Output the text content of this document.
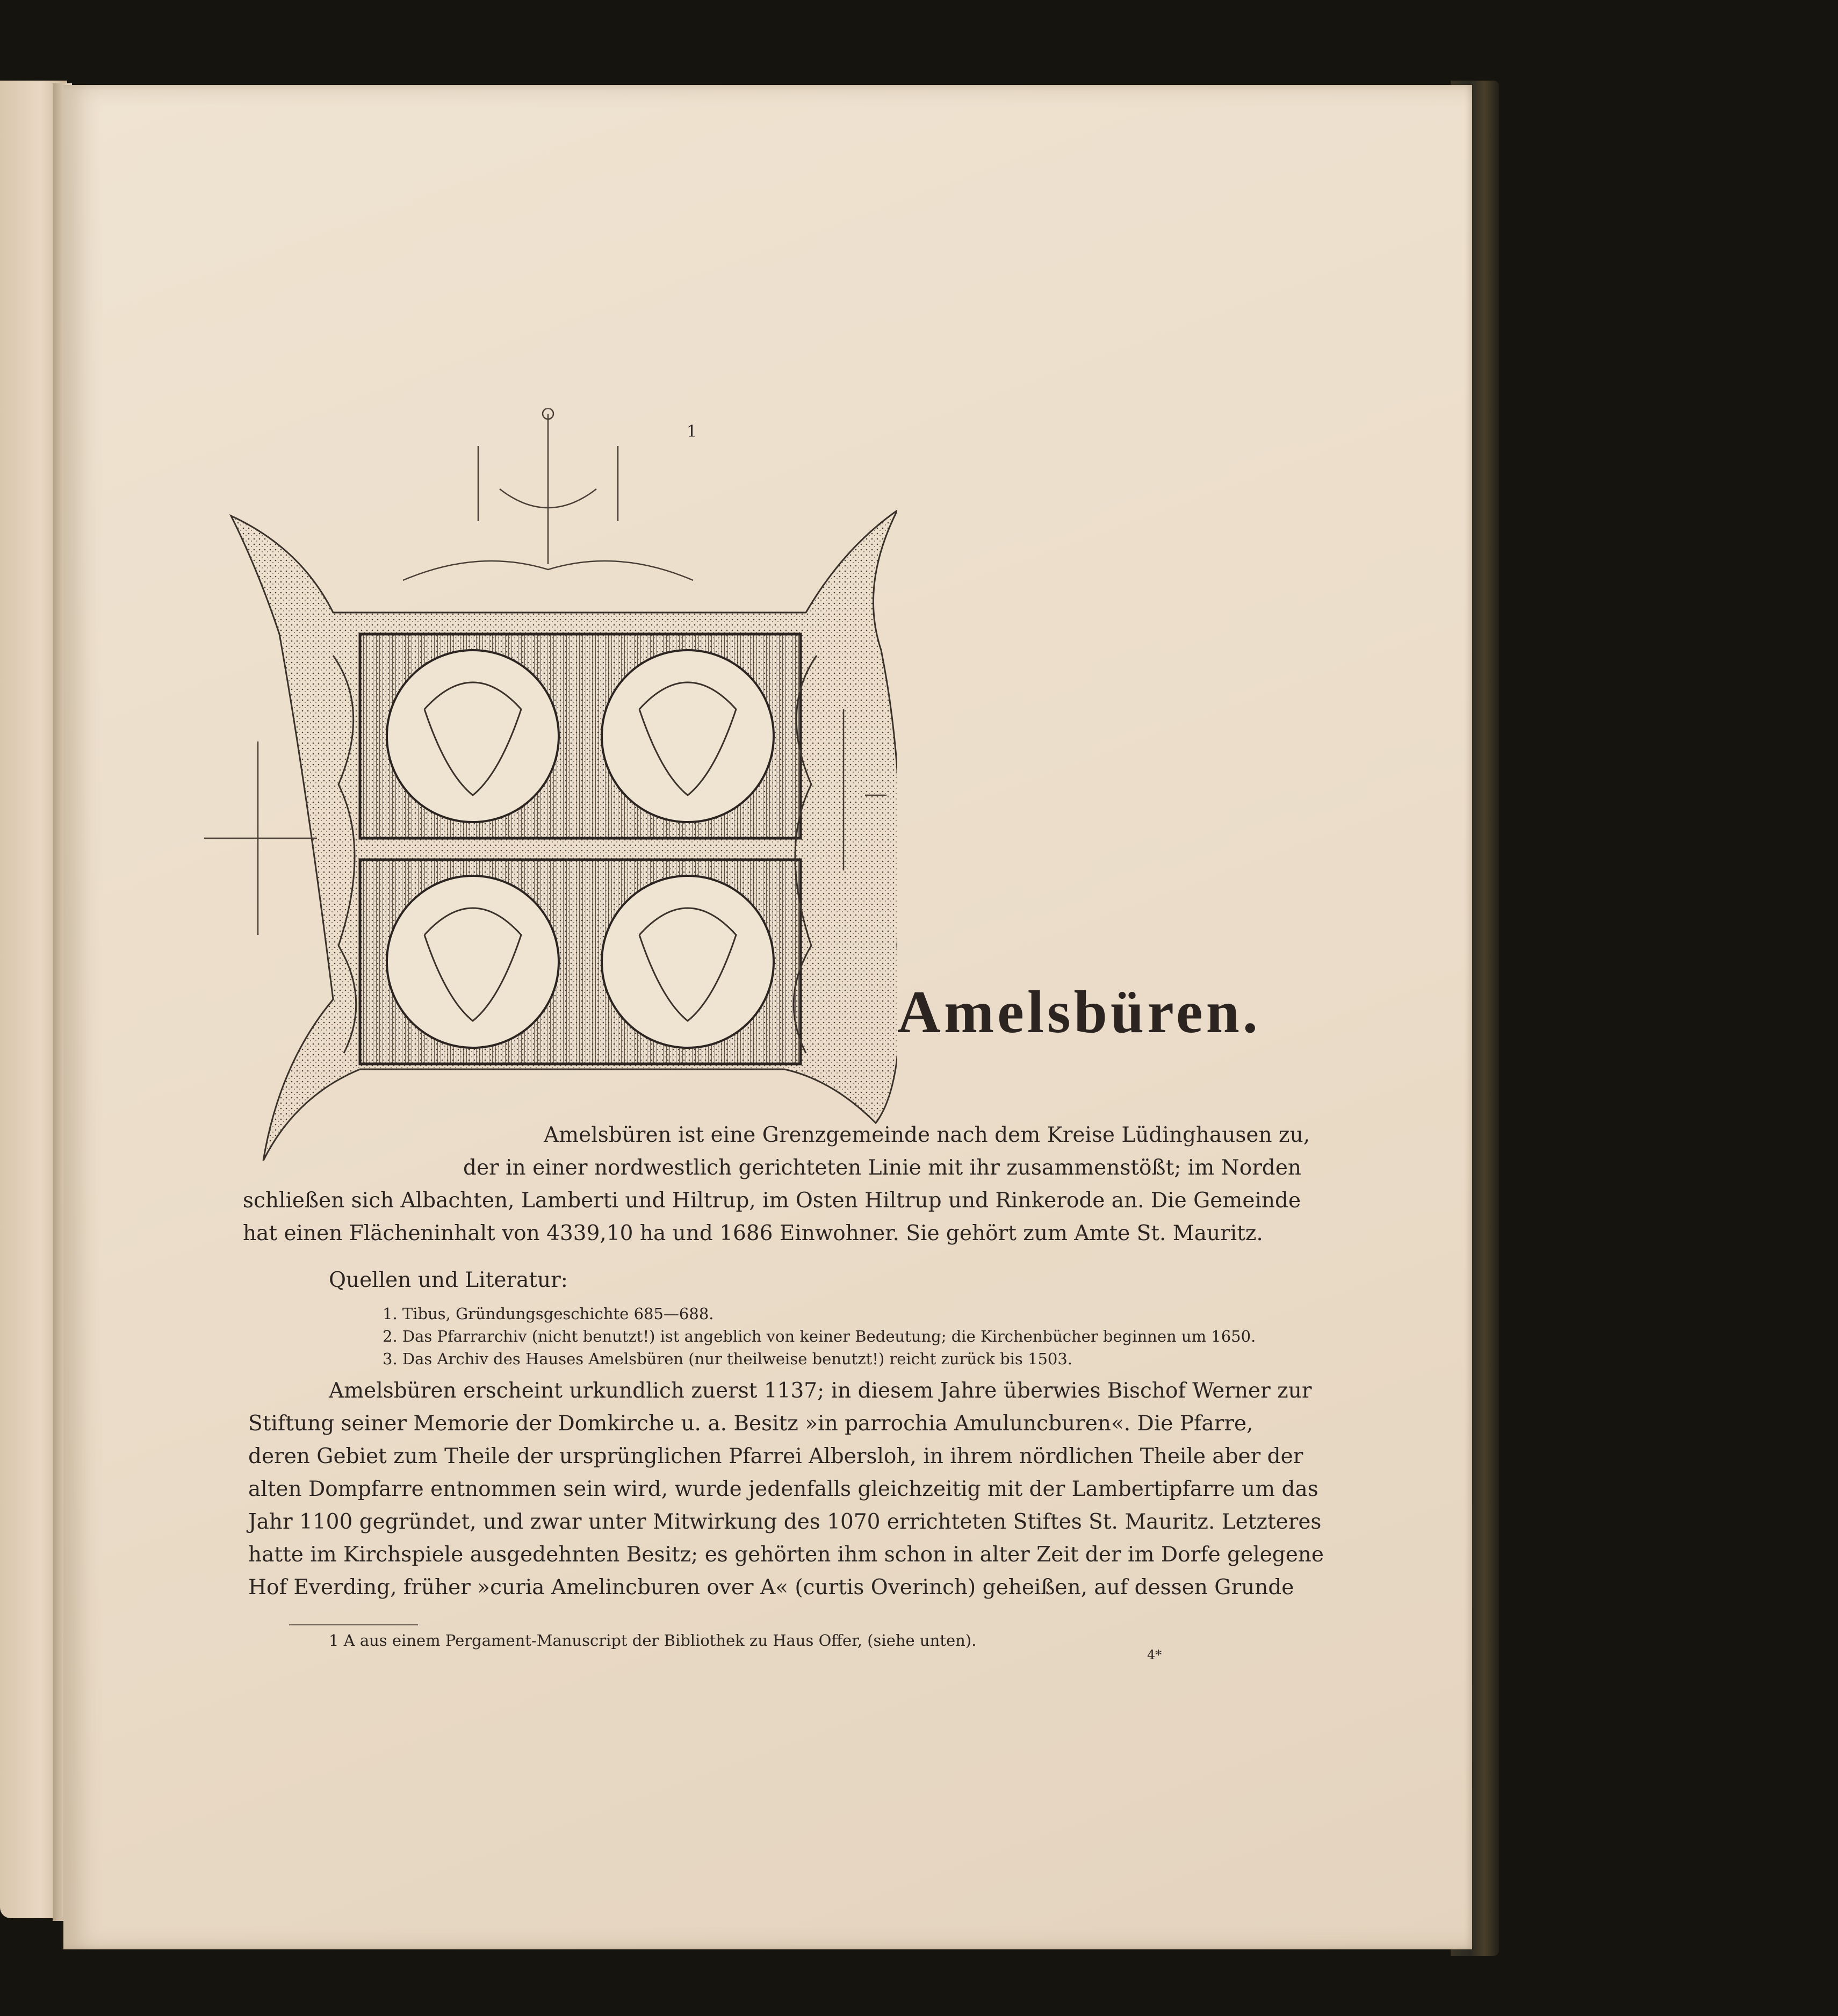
1
Amelsbüren.
Amelsbüren ist eine Grenzgemeinde nach dem Kreise Lüdinghausen zu,
der in einer nordwestlich gerichteten Linie mit ihr zusammenstößt; im Norden
schließen sich Albachten, Lamberti und Hiltrup, im Osten Hiltrup und Rinkerode an. Die Gemeinde
hat einen Flächeninhalt von 4339,10 ha und 1686 Einwohner. Sie gehört zum Amte St. Mauritz.
Quellen und Literatur:
1. Tibus, Gründungsgeschichte 685—688.
2. Das Pfarrarchiv (nicht benutzt!) ist angeblich von keiner Bedeutung; die Kirchenbücher beginnen um 1650.
3. Das Archiv des Hauses Amelsbüren (nur theilweise benutzt!) reicht zurück bis 1503.
Amelsbüren erscheint urkundlich zuerst 1137; in diesem Jahre überwies Bischof Werner zur
Stiftung seiner Memorie der Domkirche u. a. Besitz »in parrochia Amuluncburen«. Die Pfarre,
deren Gebiet zum Theile der ursprünglichen Pfarrei Albersloh, in ihrem nördlichen Theile aber der
alten Dompfarre entnommen sein wird, wurde jedenfalls gleichzeitig mit der Lambertipfarre um das
Jahr 1100 gegründet, und zwar unter Mitwirkung des 1070 errichteten Stiftes St. Mauritz. Letzteres
hatte im Kirchspiele ausgedehnten Besitz; es gehörten ihm schon in alter Zeit der im Dorfe gelegene
Hof Everding, früher »curia Amelincburen over A« (curtis Overinch) geheißen, auf dessen Grunde
1 A aus einem Pergament-Manuscript der Bibliothek zu Haus Offer, (siehe unten).
4*
